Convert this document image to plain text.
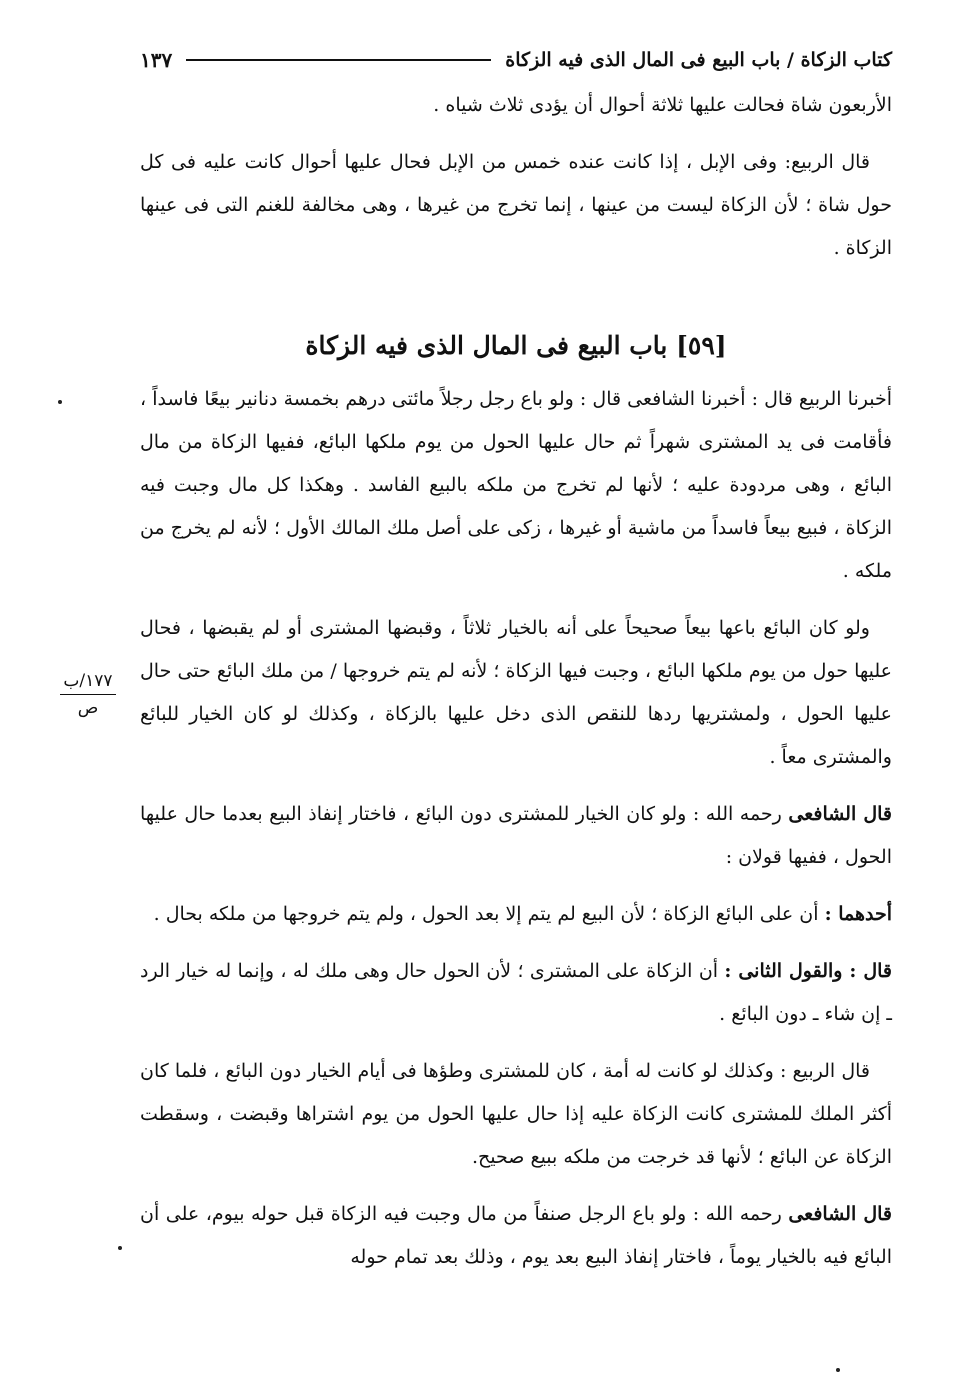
كتاب الزكاة / باب البيع فى المال الذى فيه الزكاة
١٣٧

الأربعون شاة فحالت عليها ثلاثة أحوال أن يؤدى ثلاث شياه .

قال الربيع: وفى الإبل ، إذا كانت عنده خمس من الإبل فحال عليها أحوال كانت عليه فى كل حول شاة ؛ لأن الزكاة ليست من عينها ، إنما تخرج من غيرها ، وهى مخالفة للغنم التى فى عينها الزكاة .

[٥٩] باب البيع فى المال الذى فيه الزكاة

أخبرنا الربيع قال : أخبرنا الشافعى قال : ولو باع رجل رجلاً مائتى درهم بخمسة دنانير بيعًا فاسداً ، فأقامت فى يد المشترى شهراً ثم حال عليها الحول من يوم ملكها البائع، ففيها الزكاة من مال البائع ، وهى مردودة عليه ؛ لأنها لم تخرج من ملكه بالبيع الفاسد . وهكذا كل مال وجبت فيه الزكاة ، فبيع بيعاً فاسداً من ماشية أو غيرها ، زكى على أصل ملك المالك الأول ؛ لأنه لم يخرج من ملكه .

ولو كان البائع باعها بيعاً صحيحاً على أنه بالخيار ثلاثاً ، وقبضها المشترى أو لم يقبضها ، فحال عليها حول من يوم ملكها البائع ، وجبت فيها الزكاة ؛ لأنه لم يتم خروجها / من ملك البائع حتى حال عليها الحول ، ولمشتريها ردها للنقص الذى دخل عليها بالزكاة ، وكذلك لو كان الخيار للبائع والمشترى معاً .

قال الشافعى رحمه الله : ولو كان الخيار للمشترى دون البائع ، فاختار إنفاذ البيع بعدما حال عليها الحول ، ففيها قولان :

أحدهما : أن على البائع الزكاة ؛ لأن البيع لم يتم إلا بعد الحول ، ولم يتم خروجها من ملكه بحال .

قال : والقول الثانى : أن الزكاة على المشترى ؛ لأن الحول حال وهى ملك له ، وإنما له خيار الرد ـ إن شاء ـ دون البائع .

قال الربيع : وكذلك لو كانت له أمة ، كان للمشترى وطؤها فى أيام الخيار دون البائع ، فلما كان أكثر الملك للمشترى كانت الزكاة عليه إذا حال عليها الحول من يوم اشتراها وقبضت ، وسقطت الزكاة عن البائع ؛ لأنها قد خرجت من ملكه ببيع صحيح.

قال الشافعى رحمه الله : ولو باع الرجل صنفاً من مال وجبت فيه الزكاة قبل حوله بيوم، على أن البائع فيه بالخيار يوماً ، فاختار إنفاذ البيع بعد يوم ، وذلك بعد تمام حوله

١٧٧/ب
ص
